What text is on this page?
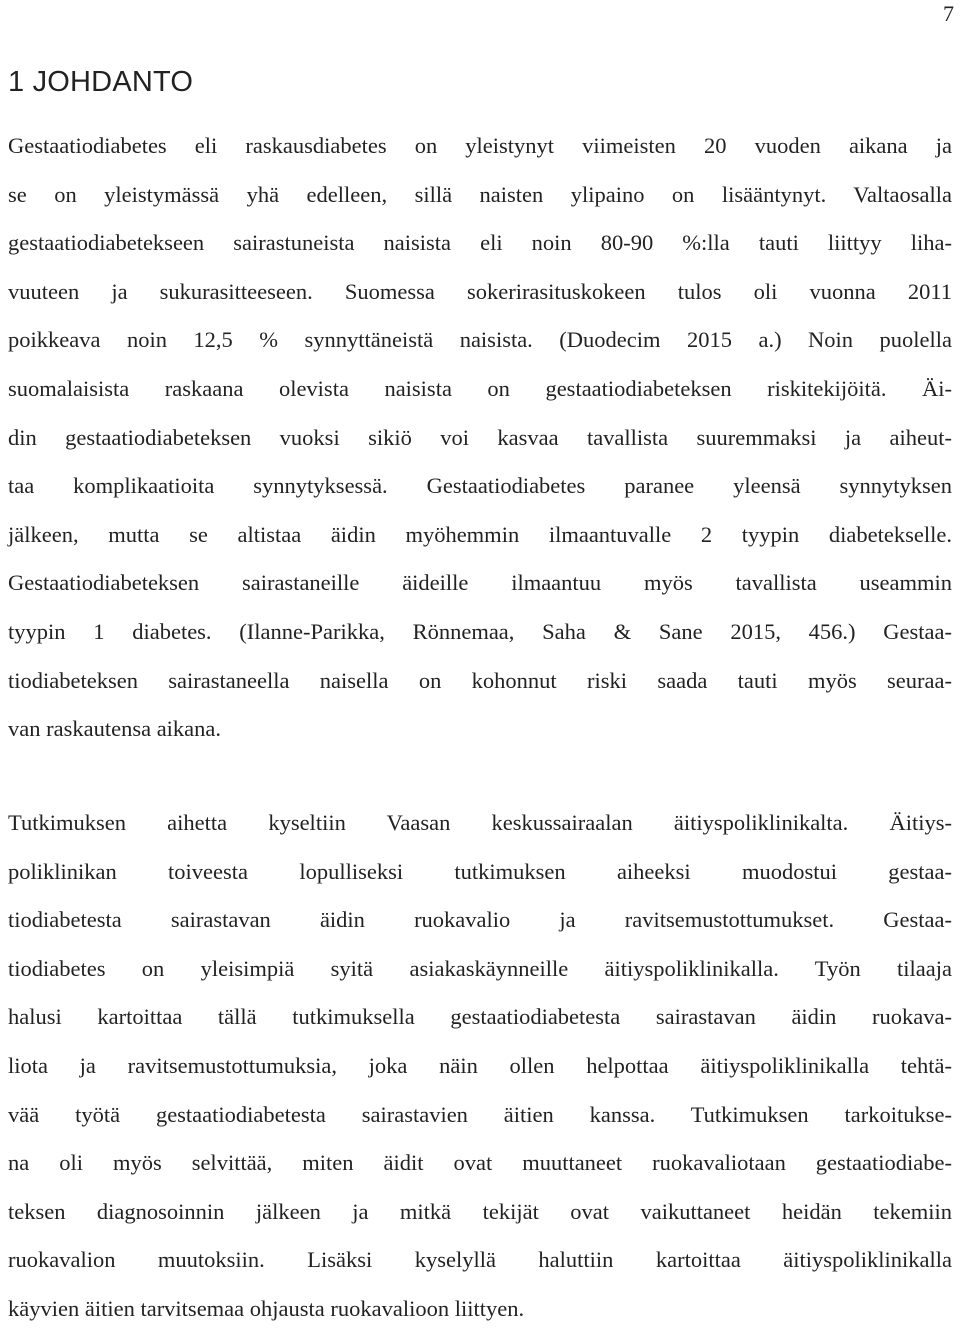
7
1 JOHDANTO
Gestaatiodiabetes eli raskausdiabetes on yleistynyt viimeisten 20 vuoden aikana ja
se on yleistymässä yhä edelleen, sillä naisten ylipaino on lisääntynyt. Valtaosalla
gestaatiodiabetekseen sairastuneista naisista eli noin 80-90 %:lla tauti liittyy liha-
vuuteen ja sukurasitteeseen. Suomessa sokerirasituskokeen tulos oli vuonna 2011
poikkeava noin 12,5 % synnyttäneistä naisista. (Duodecim 2015 a.) Noin puolella
suomalaisista raskaana olevista naisista on gestaatiodiabeteksen riskitekijöitä. Äi-
din gestaatiodiabeteksen vuoksi sikiö voi kasvaa tavallista suuremmaksi ja aiheut-
taa komplikaatioita synnytyksessä. Gestaatiodiabetes paranee yleensä synnytyksen
jälkeen, mutta se altistaa äidin myöhemmin ilmaantuvalle 2 tyypin diabetekselle.
Gestaatiodiabeteksen sairastaneille äideille ilmaantuu myös tavallista useammin
tyypin 1 diabetes. (Ilanne-Parikka, Rönnemaa, Saha & Sane 2015, 456.) Gestaa-
tiodiabeteksen sairastaneella naisella on kohonnut riski saada tauti myös seuraa-
van raskautensa aikana.
Tutkimuksen aihetta kyseltiin Vaasan keskussairaalan äitiyspoliklinikalta. Äitiys-
poliklinikan toiveesta lopulliseksi tutkimuksen aiheeksi muodostui gestaa-
tiodiabetesta sairastavan äidin ruokavalio ja ravitsemustottumukset. Gestaa-
tiodiabetes on yleisimpiä syitä asiakaskäynneille äitiyspoliklinikalla. Työn tilaaja
halusi kartoittaa tällä tutkimuksella gestaatiodiabetesta sairastavan äidin ruokava-
liota ja ravitsemustottumuksia, joka näin ollen helpottaa äitiyspoliklinikalla tehtä-
vää työtä gestaatiodiabetesta sairastavien äitien kanssa. Tutkimuksen tarkoitukse-
na oli myös selvittää, miten äidit ovat muuttaneet ruokavaliotaan gestaatiodiabe-
teksen diagnosoinnin jälkeen ja mitkä tekijät ovat vaikuttaneet heidän tekemiin
ruokavalion muutoksiin. Lisäksi kyselyllä haluttiin kartoittaa äitiyspoliklinikalla
käyvien äitien tarvitsemaa ohjausta ruokavalioon liittyen.
